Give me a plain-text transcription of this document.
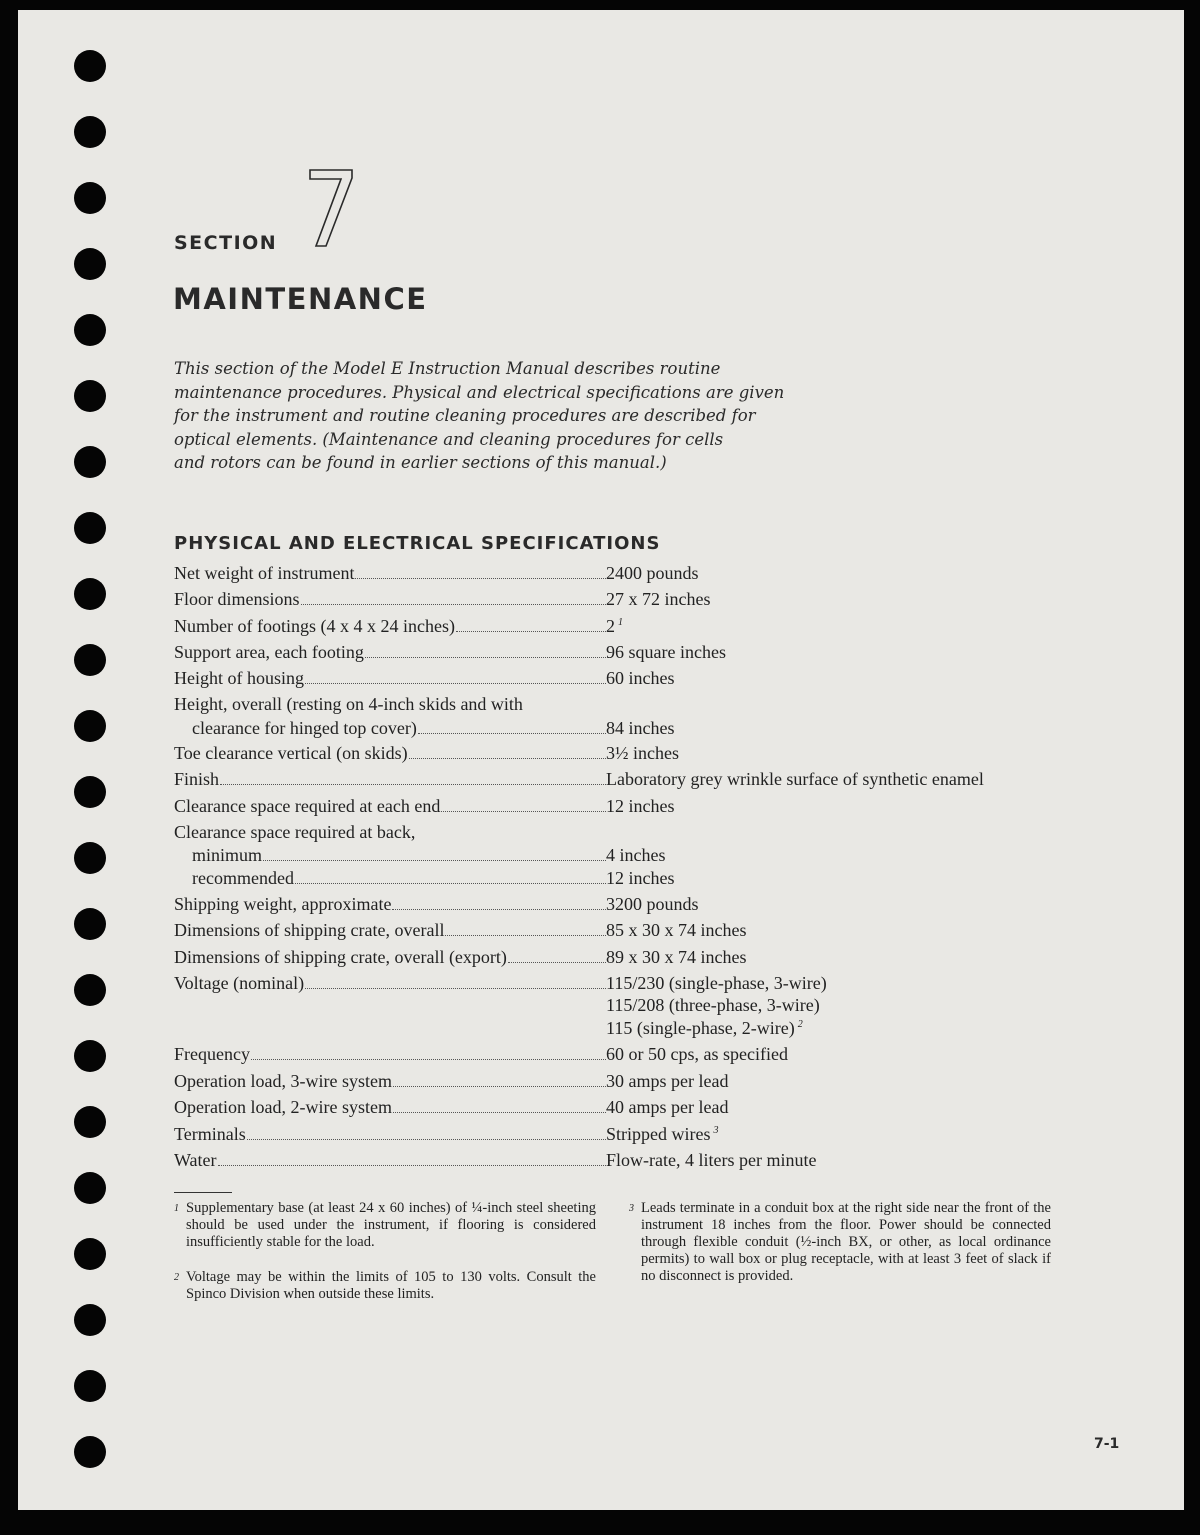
SECTION
7
MAINTENANCE
This section of the Model E Instruction Manual describes routine
maintenance procedures. Physical and electrical specifications are given
for the instrument and routine cleaning procedures are described for
optical elements. (Maintenance and cleaning procedures for cells
and rotors can be found in earlier sections of this manual.)
PHYSICAL AND ELECTRICAL SPECIFICATIONS
Net weight of instrument	2400 pounds
Floor dimensions	27 x 72 inches
Number of footings (4 x 4 x 24 inches)	2 $^1$
Support area, each footing	96 square inches
Height of housing	60 inches
Height, overall (resting on 4-inch skids and with
clearance for hinged top cover)	84 inches
Toe clearance vertical (on skids)	3½ inches
Finish	Laboratory grey wrinkle surface of synthetic enamel
Clearance space required at each end	12 inches
Clearance space required at back,
minimum	4 inches
recommended	12 inches
Shipping weight, approximate	3200 pounds
Dimensions of shipping crate, overall	85 x 30 x 74 inches
Dimensions of shipping crate, overall (export)	89 x 30 x 74 inches
Voltage (nominal)	115/230 (single-phase, 3-wire)
115/208 (three-phase, 3-wire)
115 (single-phase, 2-wire) $^2$
Frequency	60 or 50 cps, as specified
Operation load, 3-wire system	30 amps per lead
Operation load, 2-wire system	40 amps per lead
Terminals	Stripped wires $^3$
Water	Flow-rate, 4 liters per minute
1 Supplementary base (at least 24 x 60 inches) of ¼-inch steel sheeting should be used under the instrument, if flooring is considered insufficiently stable for the load.
2 Voltage may be within the limits of 105 to 130 volts. Consult the Spinco Division when outside these limits.
3 Leads terminate in a conduit box at the right side near the front of the instrument 18 inches from the floor. Power should be connected through flexible conduit (½-inch BX, or other, as local ordinance permits) to wall box or plug receptacle, with at least 3 feet of slack if no disconnect is provided.
7-1
